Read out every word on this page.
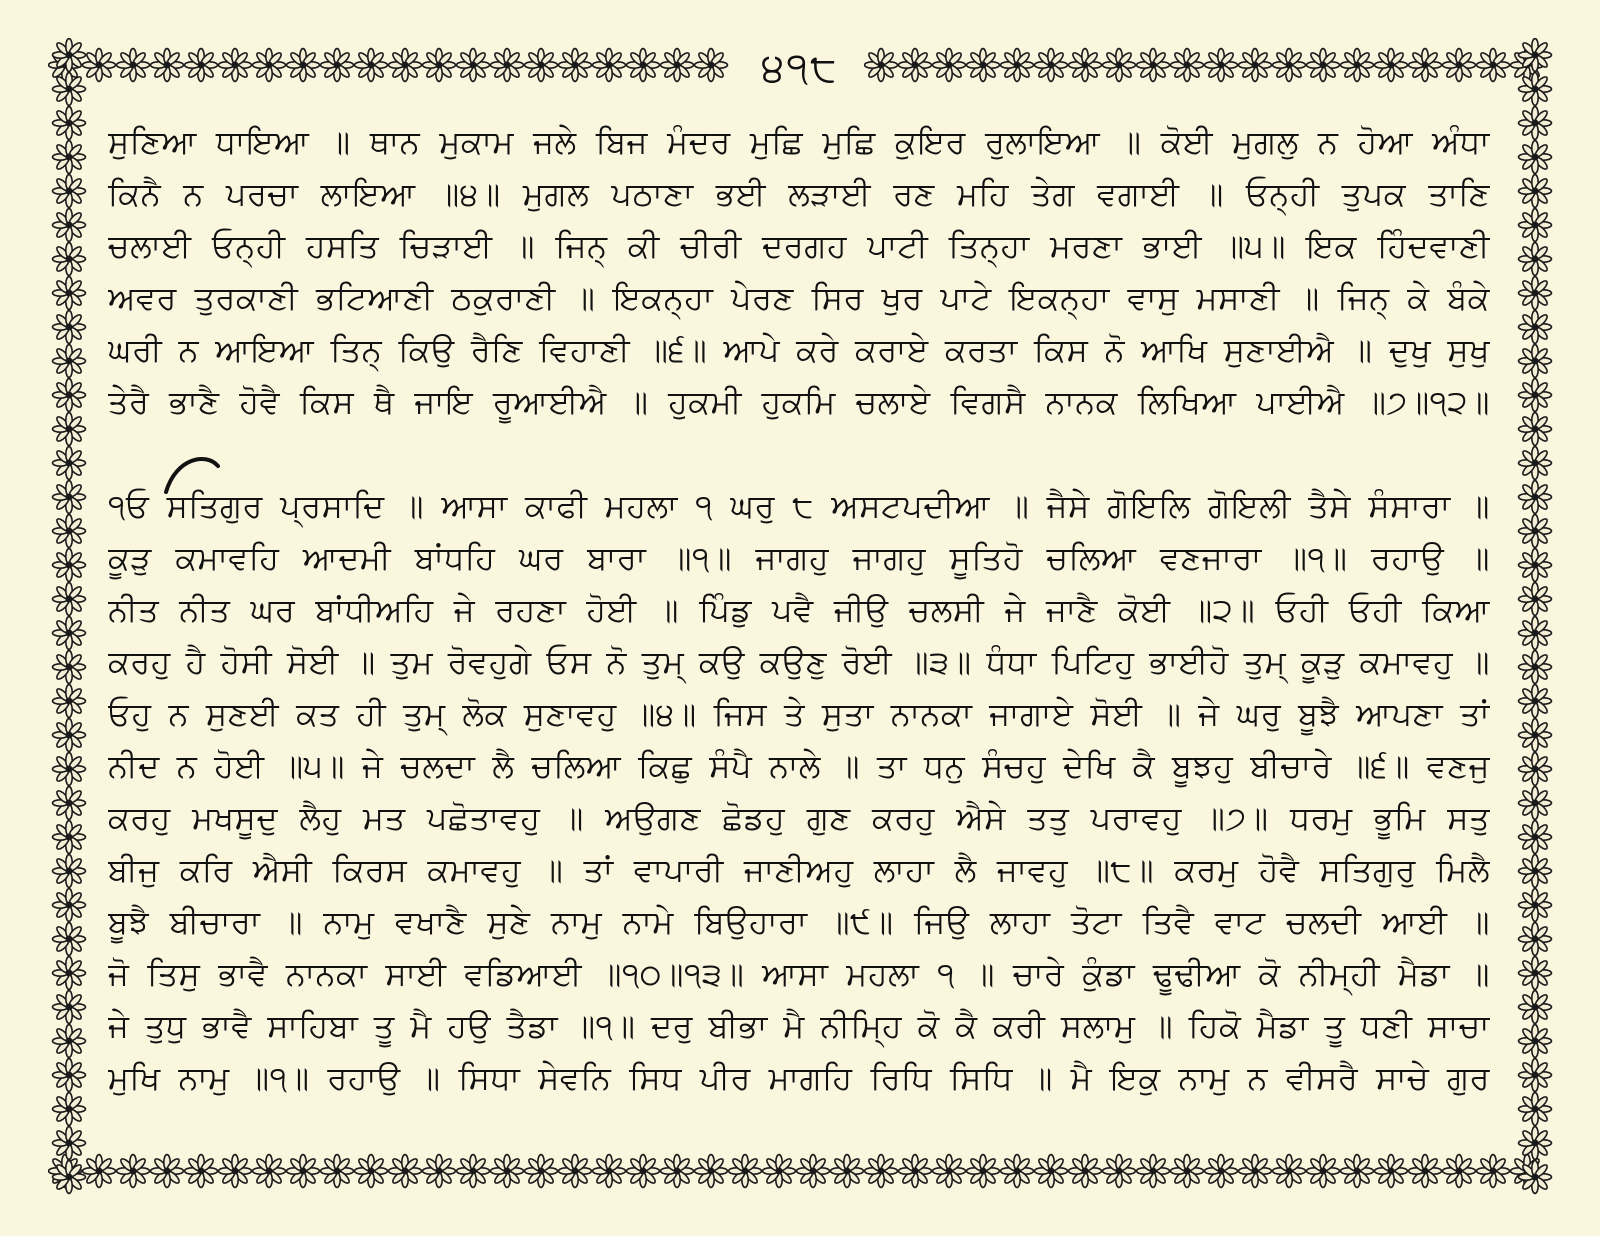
੪੧੮
ਸੁਣਿਆ ਧਾਇਆ ॥ ਥਾਨ ਮੁਕਾਮ ਜਲੇ ਬਿਜ ਮੰਦਰ ਮੁਛਿ ਮੁਛਿ ਕੁਇਰ ਰੁਲਾਇਆ ॥ ਕੋਈ ਮੁਗਲੁ ਨ ਹੋਆ ਅੰਧਾ
ਕਿਨੈ ਨ ਪਰਚਾ ਲਾਇਆ ॥੪॥ ਮੁਗਲ ਪਠਾਣਾ ਭਈ ਲੜਾਈ ਰਣ ਮਹਿ ਤੇਗ ਵਗਾਈ ॥ ਓਨ੍ਹੀ ਤੁਪਕ ਤਾਣਿ
ਚਲਾਈ ਓਨ੍ਹੀ ਹਸਤਿ ਚਿੜਾਈ ॥ ਜਿਨ੍ ਕੀ ਚੀਰੀ ਦਰਗਹ ਪਾਟੀ ਤਿਨ੍ਹਾ ਮਰਣਾ ਭਾਈ ॥੫॥ ਇਕ ਹਿੰਦਵਾਣੀ
ਅਵਰ ਤੁਰਕਾਣੀ ਭਟਿਆਣੀ ਠਕੁਰਾਣੀ ॥ ਇਕਨ੍ਹਾ ਪੇਰਣ ਸਿਰ ਖੁਰ ਪਾਟੇ ਇਕਨ੍ਹਾ ਵਾਸੁ ਮਸਾਣੀ ॥ ਜਿਨ੍ ਕੇ ਬੰਕੇ
ਘਰੀ ਨ ਆਇਆ ਤਿਨ੍ ਕਿਉ ਰੈਣਿ ਵਿਹਾਣੀ ॥੬॥ ਆਪੇ ਕਰੇ ਕਰਾਏ ਕਰਤਾ ਕਿਸ ਨੋ ਆਖਿ ਸੁਣਾਈਐ ॥ ਦੁਖੁ ਸੁਖੁ
ਤੇਰੈ ਭਾਣੈ ਹੋਵੈ ਕਿਸ ਥੈ ਜਾਇ ਰੂਆਈਐ ॥ ਹੁਕਮੀ ਹੁਕਮਿ ਚਲਾਏ ਵਿਗਸੈ ਨਾਨਕ ਲਿਖਿਆ ਪਾਈਐ ॥੭॥੧੨॥
੧ਓ ਸਤਿਗੁਰ ਪ੍ਰਸਾਦਿ ॥ ਆਸਾ ਕਾਫੀ ਮਹਲਾ ੧ ਘਰੁ ੮ ਅਸਟਪਦੀਆ ॥ ਜੈਸੇ ਗੋਇਲਿ ਗੋਇਲੀ ਤੈਸੇ ਸੰਸਾਰਾ ॥
ਕੂੜੁ ਕਮਾਵਹਿ ਆਦਮੀ ਬਾਂਧਹਿ ਘਰ ਬਾਰਾ ॥੧॥ ਜਾਗਹੁ ਜਾਗਹੁ ਸੂਤਿਹੋ ਚਲਿਆ ਵਣਜਾਰਾ ॥੧॥ ਰਹਾਉ ॥
ਨੀਤ ਨੀਤ ਘਰ ਬਾਂਧੀਅਹਿ ਜੇ ਰਹਣਾ ਹੋਈ ॥ ਪਿੰਡੁ ਪਵੈ ਜੀਉ ਚਲਸੀ ਜੇ ਜਾਣੈ ਕੋਈ ॥੨॥ ਓਹੀ ਓਹੀ ਕਿਆ
ਕਰਹੁ ਹੈ ਹੋਸੀ ਸੋਈ ॥ ਤੁਮ ਰੋਵਹੁਗੇ ਓਸ ਨੋ ਤੁਮ੍ ਕਉ ਕਉਣੁ ਰੋਈ ॥੩॥ ਧੰਧਾ ਪਿਟਿਹੁ ਭਾਈਹੋ ਤੁਮ੍ ਕੂੜੁ ਕਮਾਵਹੁ ॥
ਓਹੁ ਨ ਸੁਣਈ ਕਤ ਹੀ ਤੁਮ੍ ਲੋਕ ਸੁਣਾਵਹੁ ॥੪॥ ਜਿਸ ਤੇ ਸੁਤਾ ਨਾਨਕਾ ਜਾਗਾਏ ਸੋਈ ॥ ਜੇ ਘਰੁ ਬੂਝੈ ਆਪਣਾ ਤਾਂ
ਨੀਦ ਨ ਹੋਈ ॥੫॥ ਜੇ ਚਲਦਾ ਲੈ ਚਲਿਆ ਕਿਛੁ ਸੰਪੈ ਨਾਲੇ ॥ ਤਾ ਧਨੁ ਸੰਚਹੁ ਦੇਖਿ ਕੈ ਬੂਝਹੁ ਬੀਚਾਰੇ ॥੬॥ ਵਣਜੁ
ਕਰਹੁ ਮਖਸੂਦੁ ਲੈਹੁ ਮਤ ਪਛੋਤਾਵਹੁ ॥ ਅਉਗਣ ਛੋਡਹੁ ਗੁਣ ਕਰਹੁ ਐਸੇ ਤਤੁ ਪਰਾਵਹੁ ॥੭॥ ਧਰਮੁ ਭੂਮਿ ਸਤੁ
ਬੀਜੁ ਕਰਿ ਐਸੀ ਕਿਰਸ ਕਮਾਵਹੁ ॥ ਤਾਂ ਵਾਪਾਰੀ ਜਾਣੀਅਹੁ ਲਾਹਾ ਲੈ ਜਾਵਹੁ ॥੮॥ ਕਰਮੁ ਹੋਵੈ ਸਤਿਗੁਰੁ ਮਿਲੈ
ਬੂਝੈ ਬੀਚਾਰਾ ॥ ਨਾਮੁ ਵਖਾਣੈ ਸੁਣੇ ਨਾਮੁ ਨਾਮੇ ਬਿਉਹਾਰਾ ॥੯॥ ਜਿਉ ਲਾਹਾ ਤੋਟਾ ਤਿਵੈ ਵਾਟ ਚਲਦੀ ਆਈ ॥
ਜੋ ਤਿਸੁ ਭਾਵੈ ਨਾਨਕਾ ਸਾਈ ਵਡਿਆਈ ॥੧੦॥੧੩॥ ਆਸਾ ਮਹਲਾ ੧ ॥ ਚਾਰੇ ਕੁੰਡਾ ਢੂਢੀਆ ਕੋ ਨੀਮ੍ਹੀ ਮੈਡਾ ॥
ਜੇ ਤੁਧੁ ਭਾਵੈ ਸਾਹਿਬਾ ਤੂ ਮੈ ਹਉ ਤੈਡਾ ॥੧॥ ਦਰੁ ਬੀਭਾ ਮੈ ਨੀਮ੍ਹਿ ਕੋ ਕੈ ਕਰੀ ਸਲਾਮੁ ॥ ਹਿਕੋ ਮੈਡਾ ਤੂ ਧਣੀ ਸਾਚਾ
ਮੁਖਿ ਨਾਮੁ ॥੧॥ ਰਹਾਉ ॥ ਸਿਧਾ ਸੇਵਨਿ ਸਿਧ ਪੀਰ ਮਾਗਹਿ ਰਿਧਿ ਸਿਧਿ ॥ ਮੈ ਇਕੁ ਨਾਮੁ ਨ ਵੀਸਰੈ ਸਾਚੇ ਗੁਰ
